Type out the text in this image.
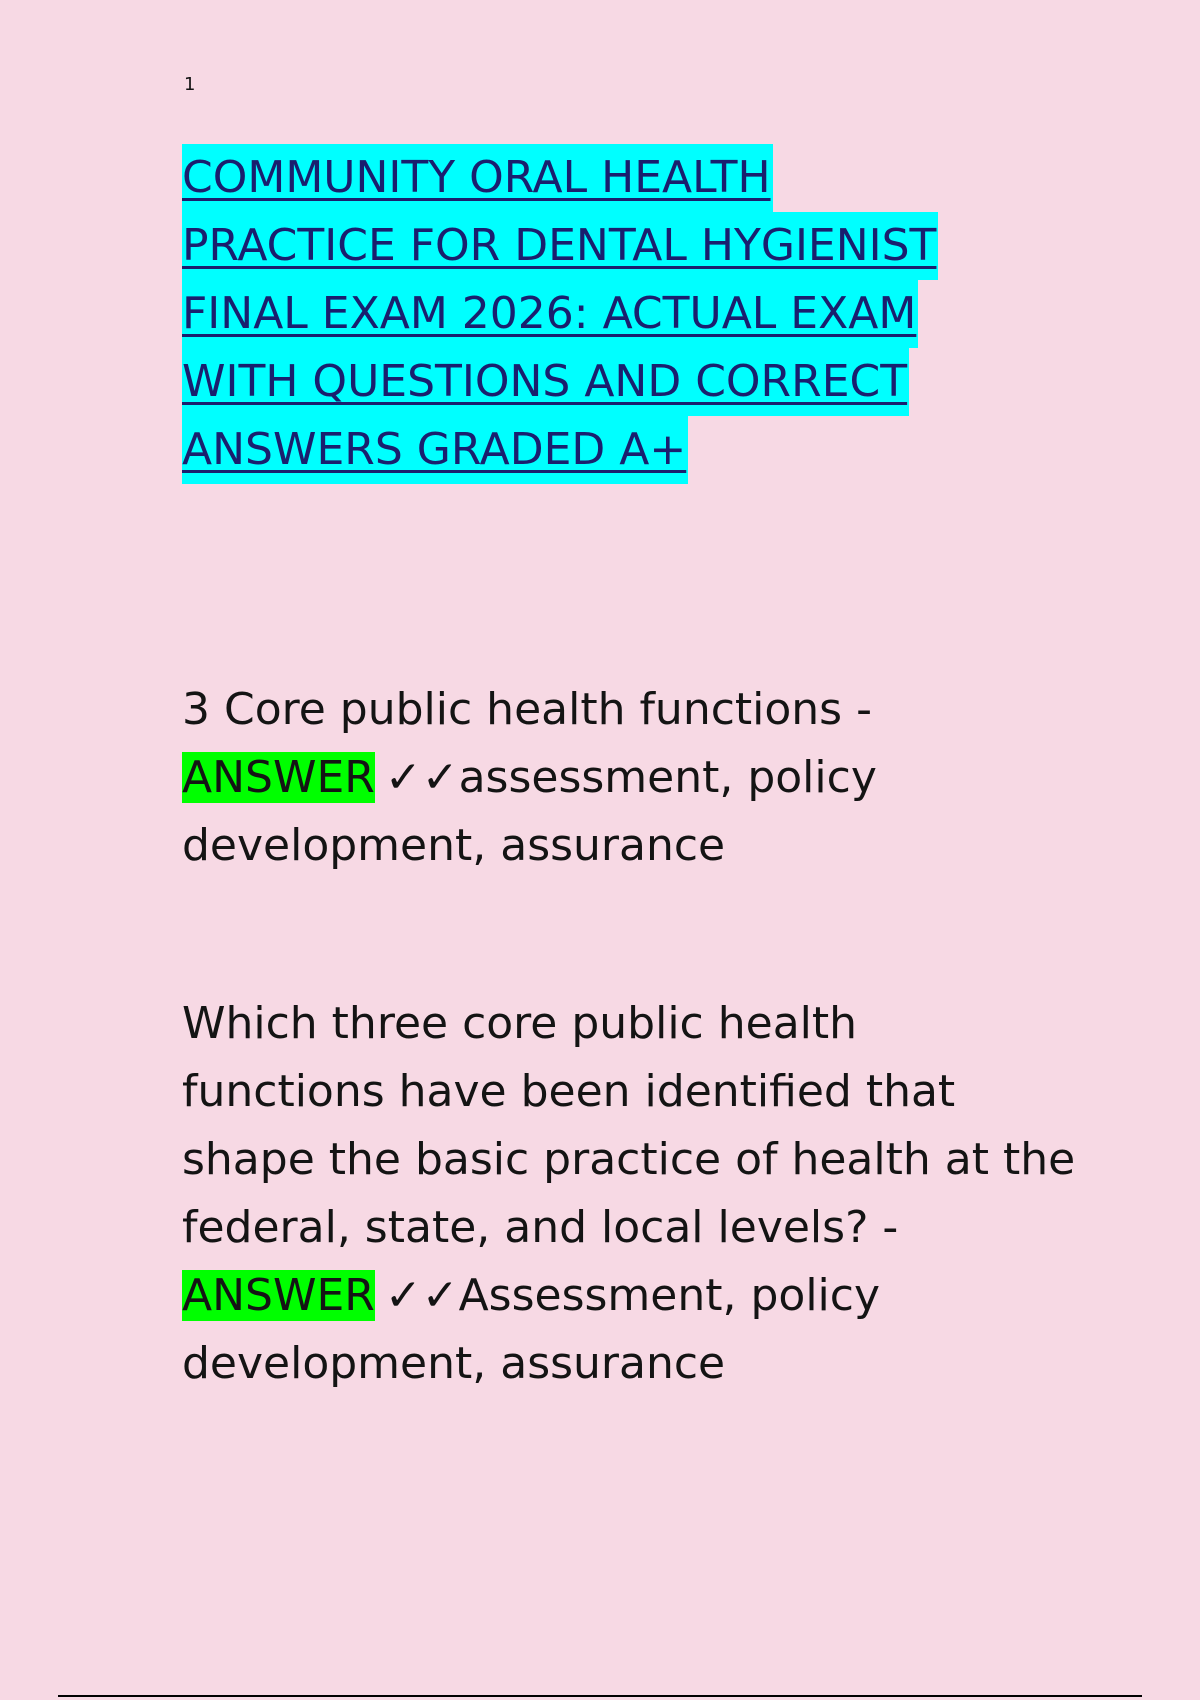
1
COMMUNITY ORAL HEALTH
PRACTICE FOR DENTAL HYGIENIST
FINAL EXAM 2026: ACTUAL EXAM
WITH QUESTIONS AND CORRECT
ANSWERS GRADED A+
3 Core public health functions -
ANSWER ✓✓assessment, policy
development, assurance
Which three core public health
functions have been identified that
shape the basic practice of health at the
federal, state, and local levels? -
ANSWER ✓✓Assessment, policy
development, assurance
